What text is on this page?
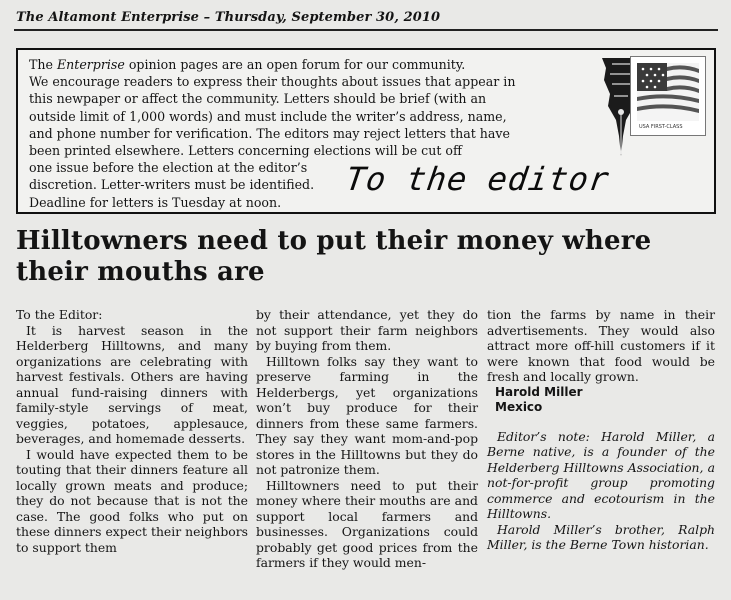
The Altamont Enterprise – Thursday, September 30, 2010
The Enterprise opinion pages are an open forum for our community.
We encourage readers to express their thoughts about issues that appear in
this newpaper or affect the community. Letters should be brief (with an
outside limit of 1,000 words) and must include the writer’s address, name,
and phone number for verification. The editors may reject letters that have
been printed elsewhere. Letters concerning elections will be cut off
one issue before the election at the editor’s
discretion. Letter-writers must be identified.
Deadline for letters is Tuesday at noon.
USA FIRST-CLASS
To the editor
Hilltowners need to put their money where their mouths are

To the Editor:

It is harvest season in the Helderberg Hilltowns, and many organizations are celebrating with harvest festivals. Others are having annual fund-raising dinners with family-style servings of meat, veggies, potatoes, applesauce, beverages, and homemade desserts.

I would have expected them to be touting that their dinners feature all locally grown meats and produce; they do not because that is not the case. The good folks who put on these dinners expect their neighbors to support them

by their attendance, yet they do not support their farm neighbors by buying from them.

Hilltown folks say they want to preserve farming in the Helderbergs, yet organizations won’t buy produce for their dinners from these same farmers. They say they want mom-and-pop stores in the Hilltowns but they do not patronize them.

Hilltowners need to put their money where their mouths are and support local farmers and businesses. Organizations could probably get good prices from the farmers if they would men-

tion the farms by name in their advertisements. They would also attract more off-hill customers if it were known that food would be fresh and locally grown.

Harold Miller

Mexico

Editor’s note: Harold Miller, a Berne native, is a founder of the Helderberg Hilltowns Association, a not-for-profit group promoting commerce and ecotourism in the Hilltowns.

Harold Miller’s brother, Ralph Miller, is the Berne Town historian.
